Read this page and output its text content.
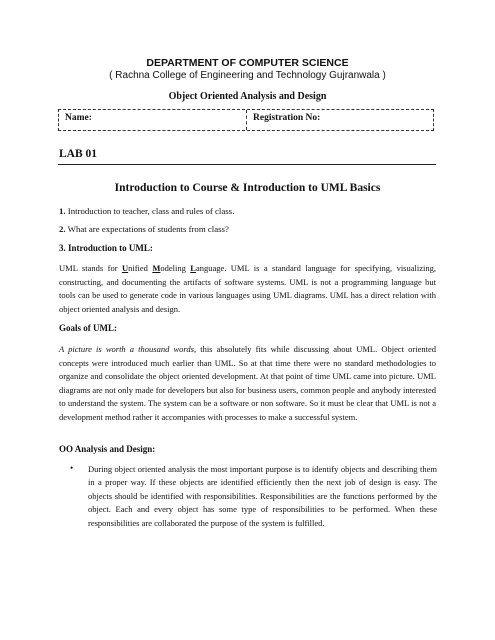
DEPARTMENT OF COMPUTER SCIENCE
( Rachna College of Engineering and Technology Gujranwala )
Object Oriented Analysis and Design
Name:	Registration No:
LAB 01
Introduction to Course & Introduction to UML Basics
1. Introduction to teacher, class and rules of class.
2. What are expectations of students from class?
3. Introduction to UML:
UML stands for Unified Modeling Language. UML is a standard language for specifying, visualizing, constructing, and documenting the artifacts of software systems. UML is not a programming language but tools can be used to generate code in various languages using UML diagrams. UML has a direct relation with object oriented analysis and design.
Goals of UML:
A picture is worth a thousand words, this absolutely fits while discussing about UML. Object oriented concepts were introduced much earlier than UML. So at that time there were no standard methodologies to organize and consolidate the object oriented development. At that point of time UML came into picture. UML diagrams are not only made for developers but also for business users, common people and anybody interested to understand the system. The system can be a software or non software. So it must be clear that UML is not a development method rather it accompanies with processes to make a successful system.
OO Analysis and Design:
• During object oriented analysis the most important purpose is to identify objects and describing them in a proper way. If these objects are identified efficiently then the next job of design is easy. The objects should be identified with responsibilities. Responsibilities are the functions performed by the object. Each and every object has some type of responsibilities to be performed. When these responsibilities are collaborated the purpose of the system is fulfilled.
